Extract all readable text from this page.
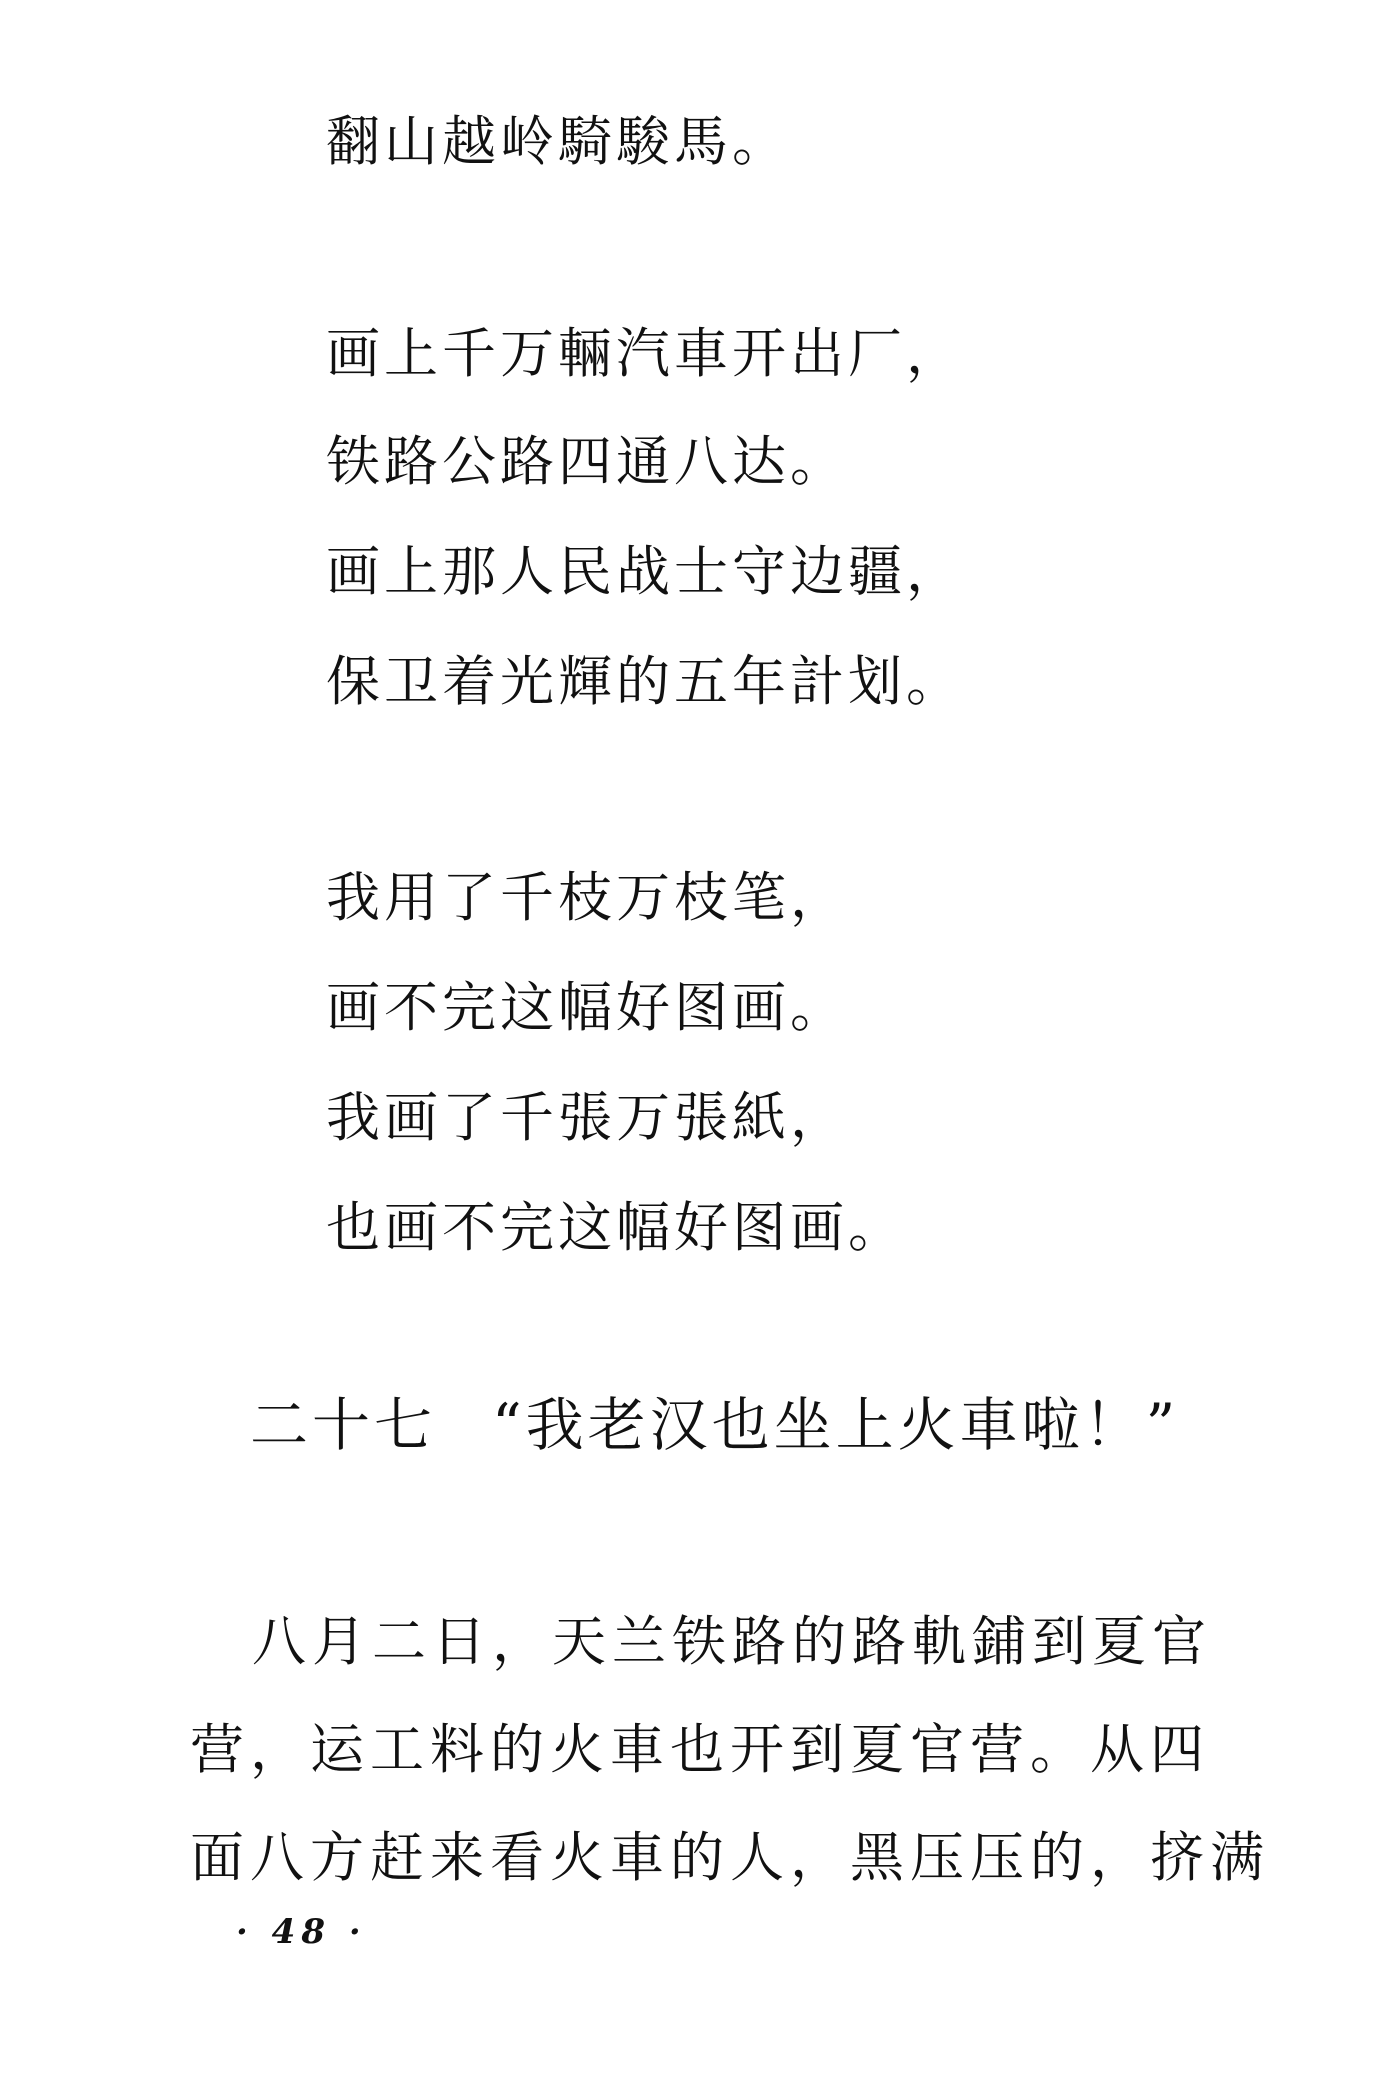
翻山越岭騎駿馬。
画上千万輛汽車开出厂，
铁路公路四通八达。
画上那人民战士守边疆，
保卫着光輝的五年計划。
我用了千枝万枝笔，
画不完这幅好图画。
我画了千張万張紙，
也画不完这幅好图画。
二十七 “我老汉也坐上火車啦！”
八月二日，天兰铁路的路軌鋪到夏官
营，运工料的火車也开到夏官营。从四
面八方赶来看火車的人，黑压压的，挤满
· 48 ·
